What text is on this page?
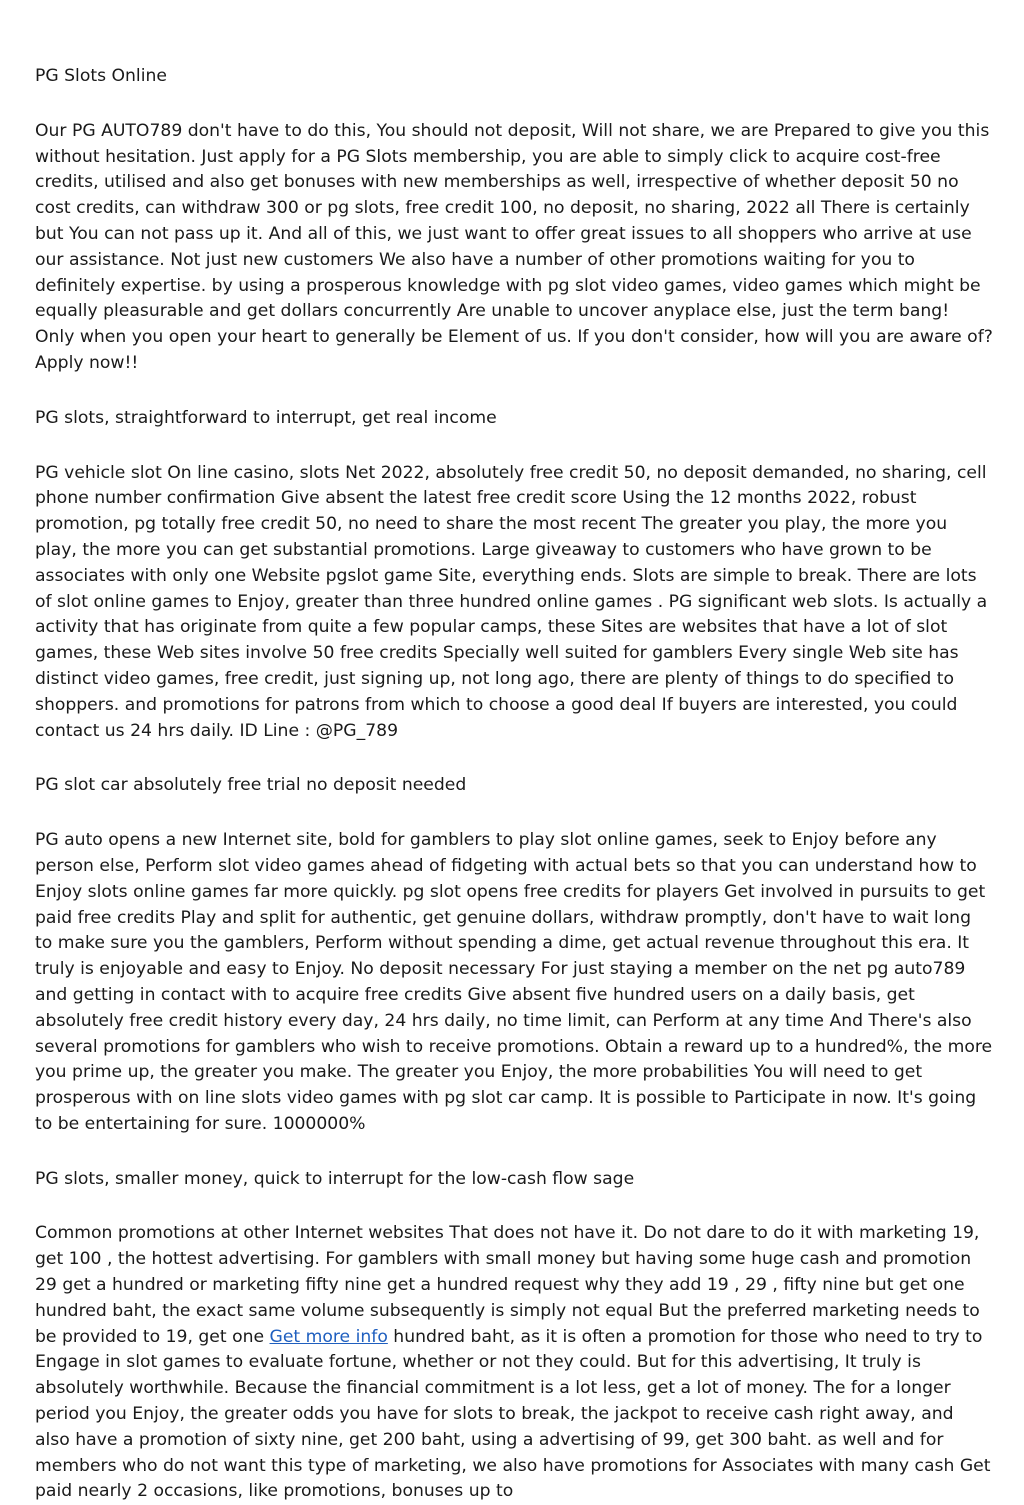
PG Slots Online

Our PG AUTO789 don't have to do this, You should not deposit, Will not share, we are Prepared to give you this without hesitation. Just apply for a PG Slots membership, you are able to simply click to acquire cost-free credits, utilised and also get bonuses with new memberships as well, irrespective of whether deposit 50 no cost credits, can withdraw 300 or pg slots, free credit 100, no deposit, no sharing, 2022 all There is certainly but You can not pass up it. And all of this, we just want to offer great issues to all shoppers who arrive at use our assistance. Not just new customers We also have a number of other promotions waiting for you to definitely expertise. by using a prosperous knowledge with pg slot video games, video games which might be equally pleasurable and get dollars concurrently Are unable to uncover anyplace else, just the term bang! Only when you open your heart to generally be Element of us. If you don't consider, how will you are aware of? Apply now!!

PG slots, straightforward to interrupt, get real income

PG vehicle slot On line casino, slots Net 2022, absolutely free credit 50, no deposit demanded, no sharing, cell phone number confirmation Give absent the latest free credit score Using the 12 months 2022, robust promotion, pg totally free credit 50, no need to share the most recent The greater you play, the more you play, the more you can get substantial promotions. Large giveaway to customers who have grown to be associates with only one Website pgslot game Site, everything ends. Slots are simple to break. There are lots of slot online games to Enjoy, greater than three hundred online games . PG significant web slots. Is actually a activity that has originate from quite a few popular camps, these Sites are websites that have a lot of slot games, these Web sites involve 50 free credits Specially well suited for gamblers Every single Web site has distinct video games, free credit, just signing up, not long ago, there are plenty of things to do specified to shoppers. and promotions for patrons from which to choose a good deal If buyers are interested, you could contact us 24 hrs daily. ID Line : @PG_789

PG slot car absolutely free trial no deposit needed

PG auto opens a new Internet site, bold for gamblers to play slot online games, seek to Enjoy before any person else, Perform slot video games ahead of fidgeting with actual bets so that you can understand how to Enjoy slots online games far more quickly. pg slot opens free credits for players Get involved in pursuits to get paid free credits Play and split for authentic, get genuine dollars, withdraw promptly, don't have to wait long to make sure you the gamblers, Perform without spending a dime, get actual revenue throughout this era. It truly is enjoyable and easy to Enjoy. No deposit necessary For just staying a member on the net pg auto789 and getting in contact with to acquire free credits Give absent five hundred users on a daily basis, get absolutely free credit history every day, 24 hrs daily, no time limit, can Perform at any time And There's also several promotions for gamblers who wish to receive promotions. Obtain a reward up to a hundred%, the more you prime up, the greater you make. The greater you Enjoy, the more probabilities You will need to get prosperous with on line slots video games with pg slot car camp. It is possible to Participate in now. It's going to be entertaining for sure. 1000000%

PG slots, smaller money, quick to interrupt for the low-cash flow sage

Common promotions at other Internet websites That does not have it. Do not dare to do it with marketing 19, get 100 , the hottest advertising. For gamblers with small money but having some huge cash and promotion 29 get a hundred or marketing fifty nine get a hundred request why they add 19 , 29 , fifty nine but get one hundred baht, the exact same volume subsequently is simply not equal But the preferred marketing needs to be provided to 19, get one Get more info hundred baht, as it is often a promotion for those who need to try to Engage in slot games to evaluate fortune, whether or not they could. But for this advertising, It truly is absolutely worthwhile. Because the financial commitment is a lot less, get a lot of money. The for a longer period you Enjoy, the greater odds you have for slots to break, the jackpot to receive cash right away, and also have a promotion of sixty nine, get 200 baht, using a advertising of 99, get 300 baht. as well and for members who do not want this type of marketing, we also have promotions for Associates with many cash Get paid nearly 2 occasions, like promotions, bonuses up to
